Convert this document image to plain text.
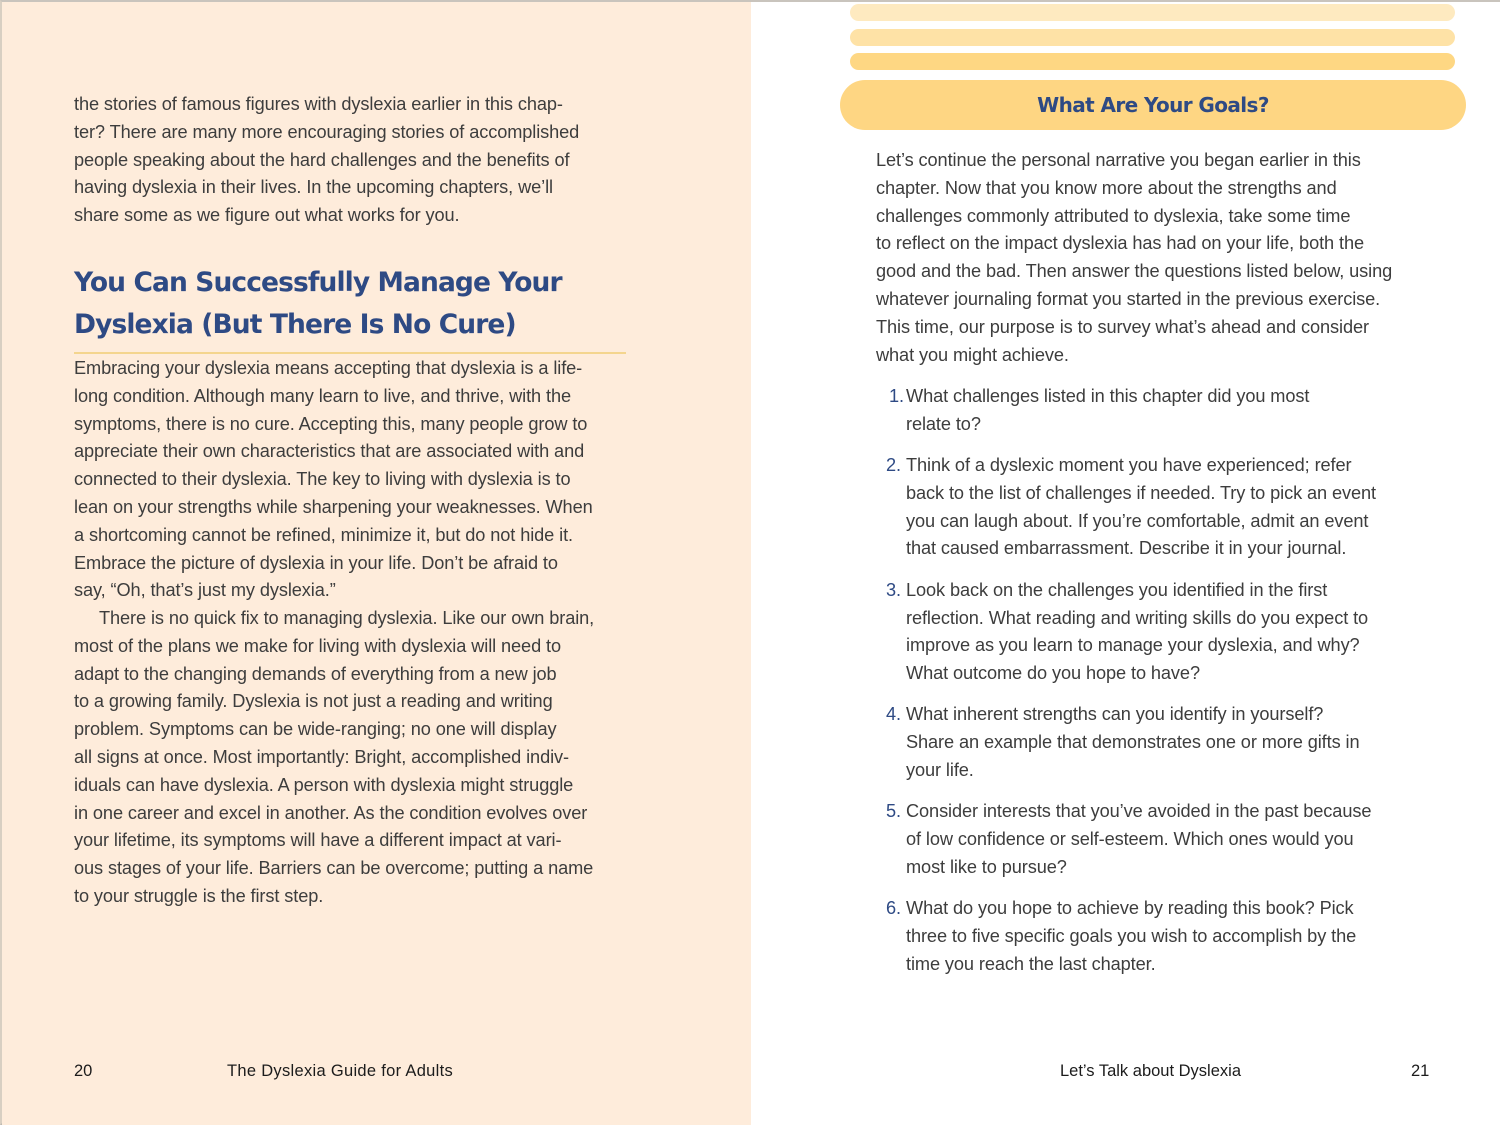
the stories of famous figures with dyslexia earlier in this chap-
ter? There are many more encouraging stories of accomplished
people speaking about the hard challenges and the benefits of
having dyslexia in their lives. In the upcoming chapters, we’ll
share some as we figure out what works for you.

You Can Successfully Manage Your
Dyslexia (But There Is No Cure)

Embracing your dyslexia means accepting that dyslexia is a life-
long condition. Although many learn to live, and thrive, with the
symptoms, there is no cure. Accepting this, many people grow to
appreciate their own characteristics that are associated with and
connected to their dyslexia. The key to living with dyslexia is to
lean on your strengths while sharpening your weaknesses. When
a shortcoming cannot be refined, minimize it, but do not hide it.
Embrace the picture of dyslexia in your life. Don’t be afraid to
say, “Oh, that’s just my dyslexia.”

There is no quick fix to managing dyslexia. Like our own brain,
most of the plans we make for living with dyslexia will need to
adapt to the changing demands of everything from a new job
to a growing family. Dyslexia is not just a reading and writing
problem. Symptoms can be wide-ranging; no one will display
all signs at once. Most importantly: Bright, accomplished indiv-
iduals can have dyslexia. A person with dyslexia might struggle
in one career and excel in another. As the condition evolves over
your lifetime, its symptoms will have a different impact at vari-
ous stages of your life. Barriers can be overcome; putting a name
to your struggle is the first step.

20	The Dyslexia Guide for Adults
What Are Your Goals?

Let’s continue the personal narrative you began earlier in this
chapter. Now that you know more about the strengths and
challenges commonly attributed to dyslexia, take some time
to reflect on the impact dyslexia has had on your life, both the
good and the bad. Then answer the questions listed below, using
whatever journaling format you started in the previous exercise.
This time, our purpose is to survey what’s ahead and consider
what you might achieve.

1. What challenges listed in this chapter did you most
relate to?
2. Think of a dyslexic moment you have experienced; refer
back to the list of challenges if needed. Try to pick an event
you can laugh about. If you’re comfortable, admit an event
that caused embarrassment. Describe it in your journal.
3. Look back on the challenges you identified in the first
reflection. What reading and writing skills do you expect to
improve as you learn to manage your dyslexia, and why?
What outcome do you hope to have?
4. What inherent strengths can you identify in yourself?
Share an example that demonstrates one or more gifts in
your life.
5. Consider interests that you’ve avoided in the past because
of low confidence or self-esteem. Which ones would you
most like to pursue?
6. What do you hope to achieve by reading this book? Pick
three to five specific goals you wish to accomplish by the
time you reach the last chapter.
Let’s Talk about Dyslexia	21
